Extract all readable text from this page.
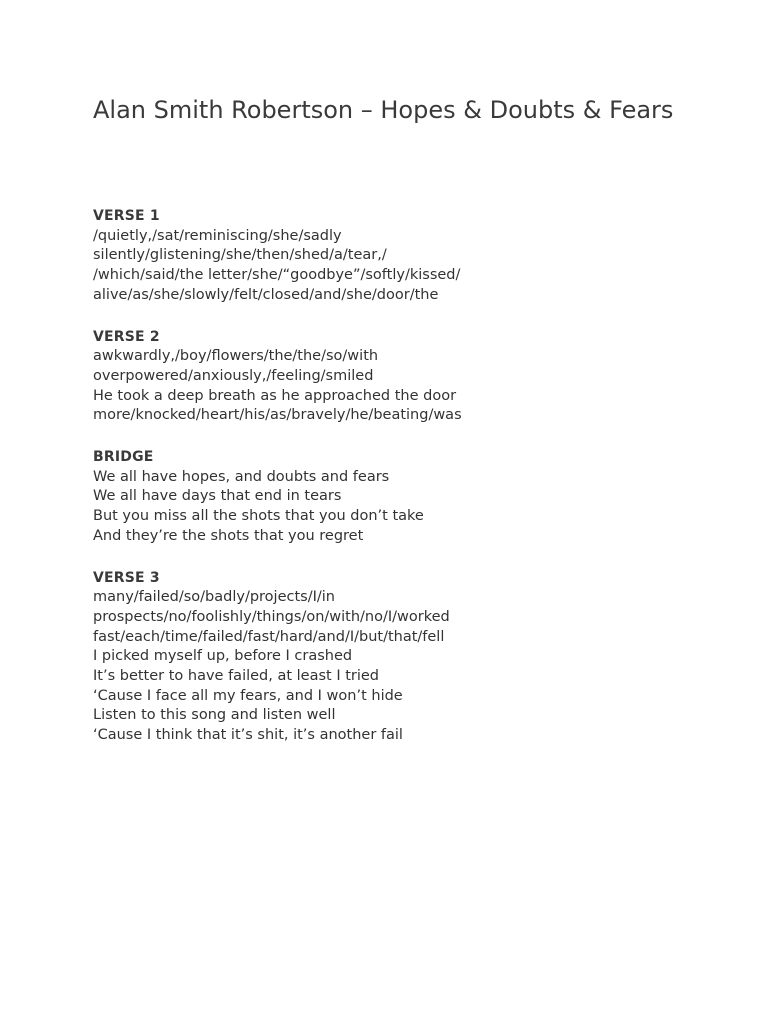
Alan Smith Robertson – Hopes & Doubts & Fears

VERSE 1

/quietly,/sat/reminiscing/she/sadly

silently/glistening/she/then/shed/a/tear,/

/which/said/the letter/she/“goodbye”/softly/kissed/

alive/as/she/slowly/felt/closed/and/she/door/the

VERSE 2

awkwardly,/boy/flowers/the/the/so/with

overpowered/anxiously,/feeling/smiled

He took a deep breath as he approached the door

more/knocked/heart/his/as/bravely/he/beating/was

BRIDGE

We all have hopes, and doubts and fears

We all have days that end in tears

But you miss all the shots that you don’t take

And they’re the shots that you regret

VERSE 3

many/failed/so/badly/projects/I/in

prospects/no/foolishly/things/on/with/no/I/worked

fast/each/time/failed/fast/hard/and/I/but/that/fell

I picked myself up, before I crashed

It’s better to have failed, at least I tried

‘Cause I face all my fears, and I won’t hide

Listen to this song and listen well

‘Cause I think that it’s shit, it’s another fail
